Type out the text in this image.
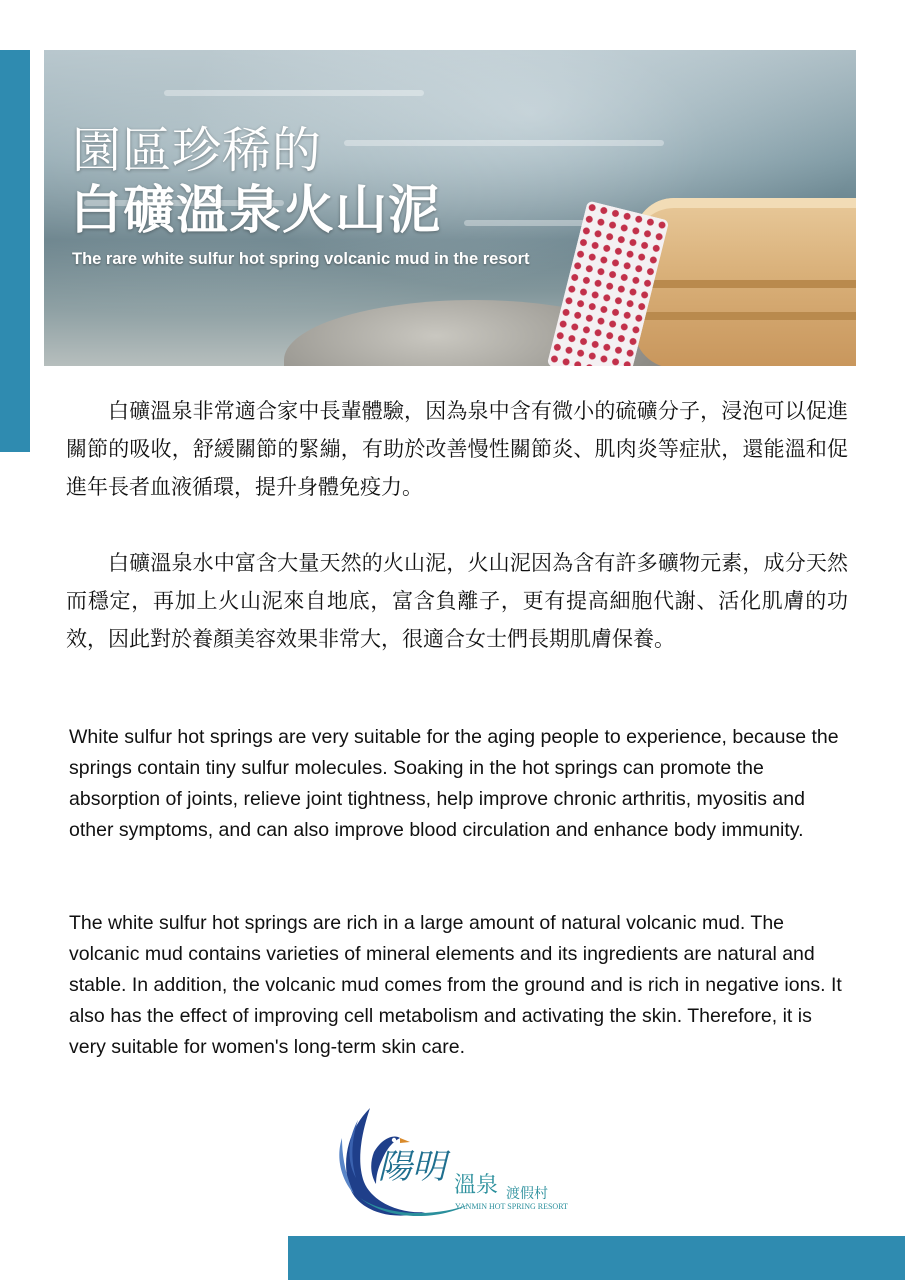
園區珍稀的
白礦溫泉火山泥

The rare white sulfur hot spring volcanic mud in the resort

白礦溫泉非常適合家中長輩體驗，因為泉中含有微小的硫礦分子，浸泡可以促進關節的吸收，舒緩關節的緊繃，有助於改善慢性關節炎、肌肉炎等症狀，還能溫和促進年長者血液循環，提升身體免疫力。

白礦溫泉水中富含大量天然的火山泥，火山泥因為含有許多礦物元素，成分天然而穩定，再加上火山泥來自地底，富含負離子，更有提高細胞代謝、活化肌膚的功效，因此對於養顏美容效果非常大，很適合女士們長期肌膚保養。

White sulfur hot springs are very suitable for the aging people to experience, because the springs contain tiny sulfur molecules. Soaking in the hot springs can promote the absorption of joints, relieve joint tightness, help improve chronic arthritis, myositis and other symptoms, and can also improve blood circulation and enhance body immunity.

The white sulfur hot springs are rich in a large amount of natural volcanic mud. The volcanic mud contains varieties of mineral elements and its ingredients are natural and stable. In addition, the volcanic mud comes from the ground and is rich in negative ions. It also has the effect of improving cell metabolism and activating the skin. Therefore, it is very suitable for women's long-term skin care.

陽明 溫泉 渡假村
YANMIN HOT SPRING RESORT
